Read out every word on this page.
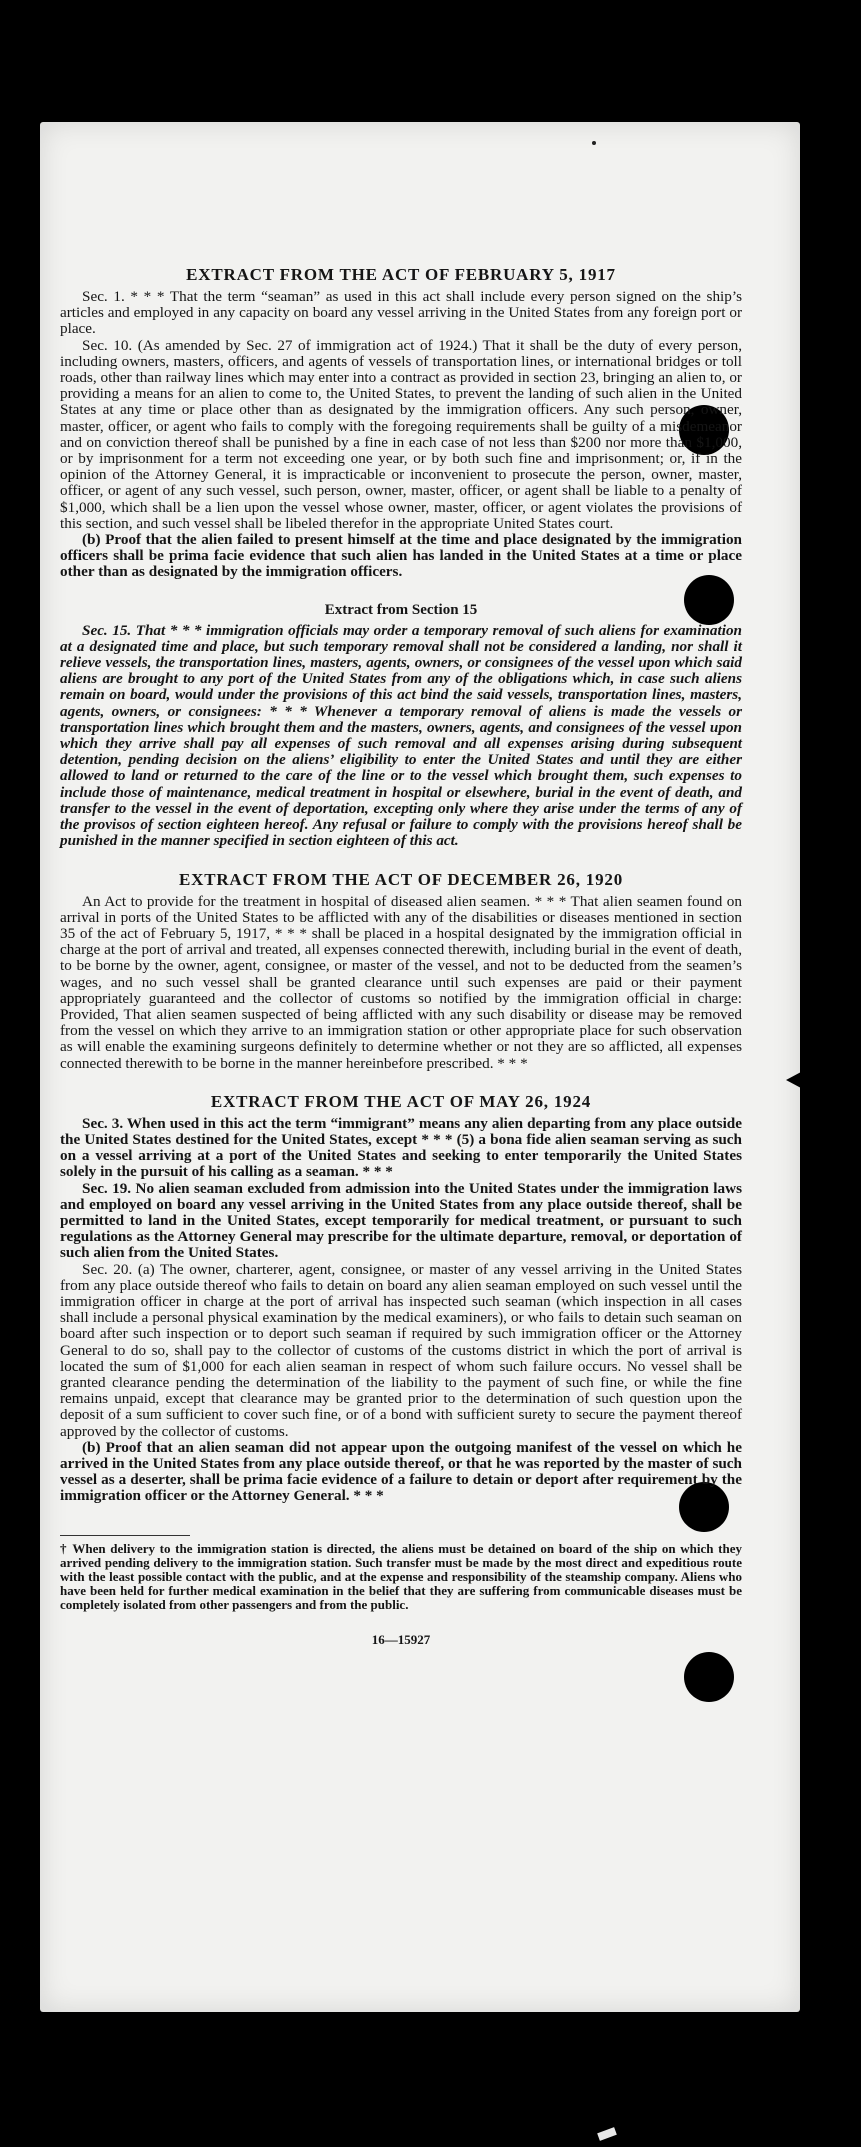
EXTRACT FROM THE ACT OF FEBRUARY 5, 1917

Sec. 1. * * * That the term “seaman” as used in this act shall include every person signed on the ship’s articles and employed in any capacity on board any vessel arriving in the United States from any foreign port or place.

Sec. 10. (As amended by Sec. 27 of immigration act of 1924.) That it shall be the duty of every person, including owners, masters, officers, and agents of vessels of transportation lines, or international bridges or toll roads, other than railway lines which may enter into a contract as provided in section 23, bringing an alien to, or providing a means for an alien to come to, the United States, to prevent the landing of such alien in the United States at any time or place other than as designated by the immigration officers. Any such person, owner, master, officer, or agent who fails to comply with the foregoing requirements shall be guilty of a misdemeanor and on conviction thereof shall be punished by a fine in each case of not less than $200 nor more than $1,000, or by imprisonment for a term not exceeding one year, or by both such fine and imprisonment; or, if in the opinion of the Attorney General, it is impracticable or inconvenient to prosecute the person, owner, master, officer, or agent of any such vessel, such person, owner, master, officer, or agent shall be liable to a penalty of $1,000, which shall be a lien upon the vessel whose owner, master, officer, or agent violates the provisions of this section, and such vessel shall be libeled therefor in the appropriate United States court.

(b) Proof that the alien failed to present himself at the time and place designated by the immigration officers shall be prima facie evidence that such alien has landed in the United States at a time or place other than as designated by the immigration officers.

Extract from Section 15

Sec. 15. That * * * immigration officials may order a temporary removal of such aliens for examination at a designated time and place, but such temporary removal shall not be considered a landing, nor shall it relieve vessels, the transportation lines, masters, agents, owners, or consignees of the vessel upon which said aliens are brought to any port of the United States from any of the obligations which, in case such aliens remain on board, would under the provisions of this act bind the said vessels, transportation lines, masters, agents, owners, or consignees: * * * Whenever a temporary removal of aliens is made the vessels or transportation lines which brought them and the masters, owners, agents, and consignees of the vessel upon which they arrive shall pay all expenses of such removal and all expenses arising during subsequent detention, pending decision on the aliens’ eligibility to enter the United States and until they are either allowed to land or returned to the care of the line or to the vessel which brought them, such expenses to include those of maintenance, medical treatment in hospital or elsewhere, burial in the event of death, and transfer to the vessel in the event of deportation, excepting only where they arise under the terms of any of the provisos of section eighteen hereof. Any refusal or failure to comply with the provisions hereof shall be punished in the manner specified in section eighteen of this act.

EXTRACT FROM THE ACT OF DECEMBER 26, 1920

An Act to provide for the treatment in hospital of diseased alien seamen. * * * That alien seamen found on arrival in ports of the United States to be afflicted with any of the disabilities or diseases mentioned in section 35 of the act of February 5, 1917, * * * shall be placed in a hospital designated by the immigration official in charge at the port of arrival and treated, all expenses connected therewith, including burial in the event of death, to be borne by the owner, agent, consignee, or master of the vessel, and not to be deducted from the seamen’s wages, and no such vessel shall be granted clearance until such expenses are paid or their payment appropriately guaranteed and the collector of customs so notified by the immigration official in charge: Provided, That alien seamen suspected of being afflicted with any such disability or disease may be removed from the vessel on which they arrive to an immigration station or other appropriate place for such observation as will enable the examining surgeons definitely to determine whether or not they are so afflicted, all expenses connected therewith to be borne in the manner hereinbefore prescribed. * * *

EXTRACT FROM THE ACT OF MAY 26, 1924

Sec. 3. When used in this act the term “immigrant” means any alien departing from any place outside the United States destined for the United States, except * * * (5) a bona fide alien seaman serving as such on a vessel arriving at a port of the United States and seeking to enter temporarily the United States solely in the pursuit of his calling as a seaman. * * *

Sec. 19. No alien seaman excluded from admission into the United States under the immigration laws and employed on board any vessel arriving in the United States from any place outside thereof, shall be permitted to land in the United States, except temporarily for medical treatment, or pursuant to such regulations as the Attorney General may prescribe for the ultimate departure, removal, or deportation of such alien from the United States.

Sec. 20. (a) The owner, charterer, agent, consignee, or master of any vessel arriving in the United States from any place outside thereof who fails to detain on board any alien seaman employed on such vessel until the immigration officer in charge at the port of arrival has inspected such seaman (which inspection in all cases shall include a personal physical examination by the medical examiners), or who fails to detain such seaman on board after such inspection or to deport such seaman if required by such immigration officer or the Attorney General to do so, shall pay to the collector of customs of the customs district in which the port of arrival is located the sum of $1,000 for each alien seaman in respect of whom such failure occurs. No vessel shall be granted clearance pending the determination of the liability to the payment of such fine, or while the fine remains unpaid, except that clearance may be granted prior to the determination of such question upon the deposit of a sum sufficient to cover such fine, or of a bond with sufficient surety to secure the payment thereof approved by the collector of customs.

(b) Proof that an alien seaman did not appear upon the outgoing manifest of the vessel on which he arrived in the United States from any place outside thereof, or that he was reported by the master of such vessel as a deserter, shall be prima facie evidence of a failure to detain or deport after requirement by the immigration officer or the Attorney General. * * *

† When delivery to the immigration station is directed, the aliens must be detained on board of the ship on which they arrived pending delivery to the immigration station. Such transfer must be made by the most direct and expeditious route with the least possible contact with the public, and at the expense and responsibility of the steamship company. Aliens who have been held for further medical examination in the belief that they are suffering from communicable diseases must be completely isolated from other passengers and from the public.

16—15927
